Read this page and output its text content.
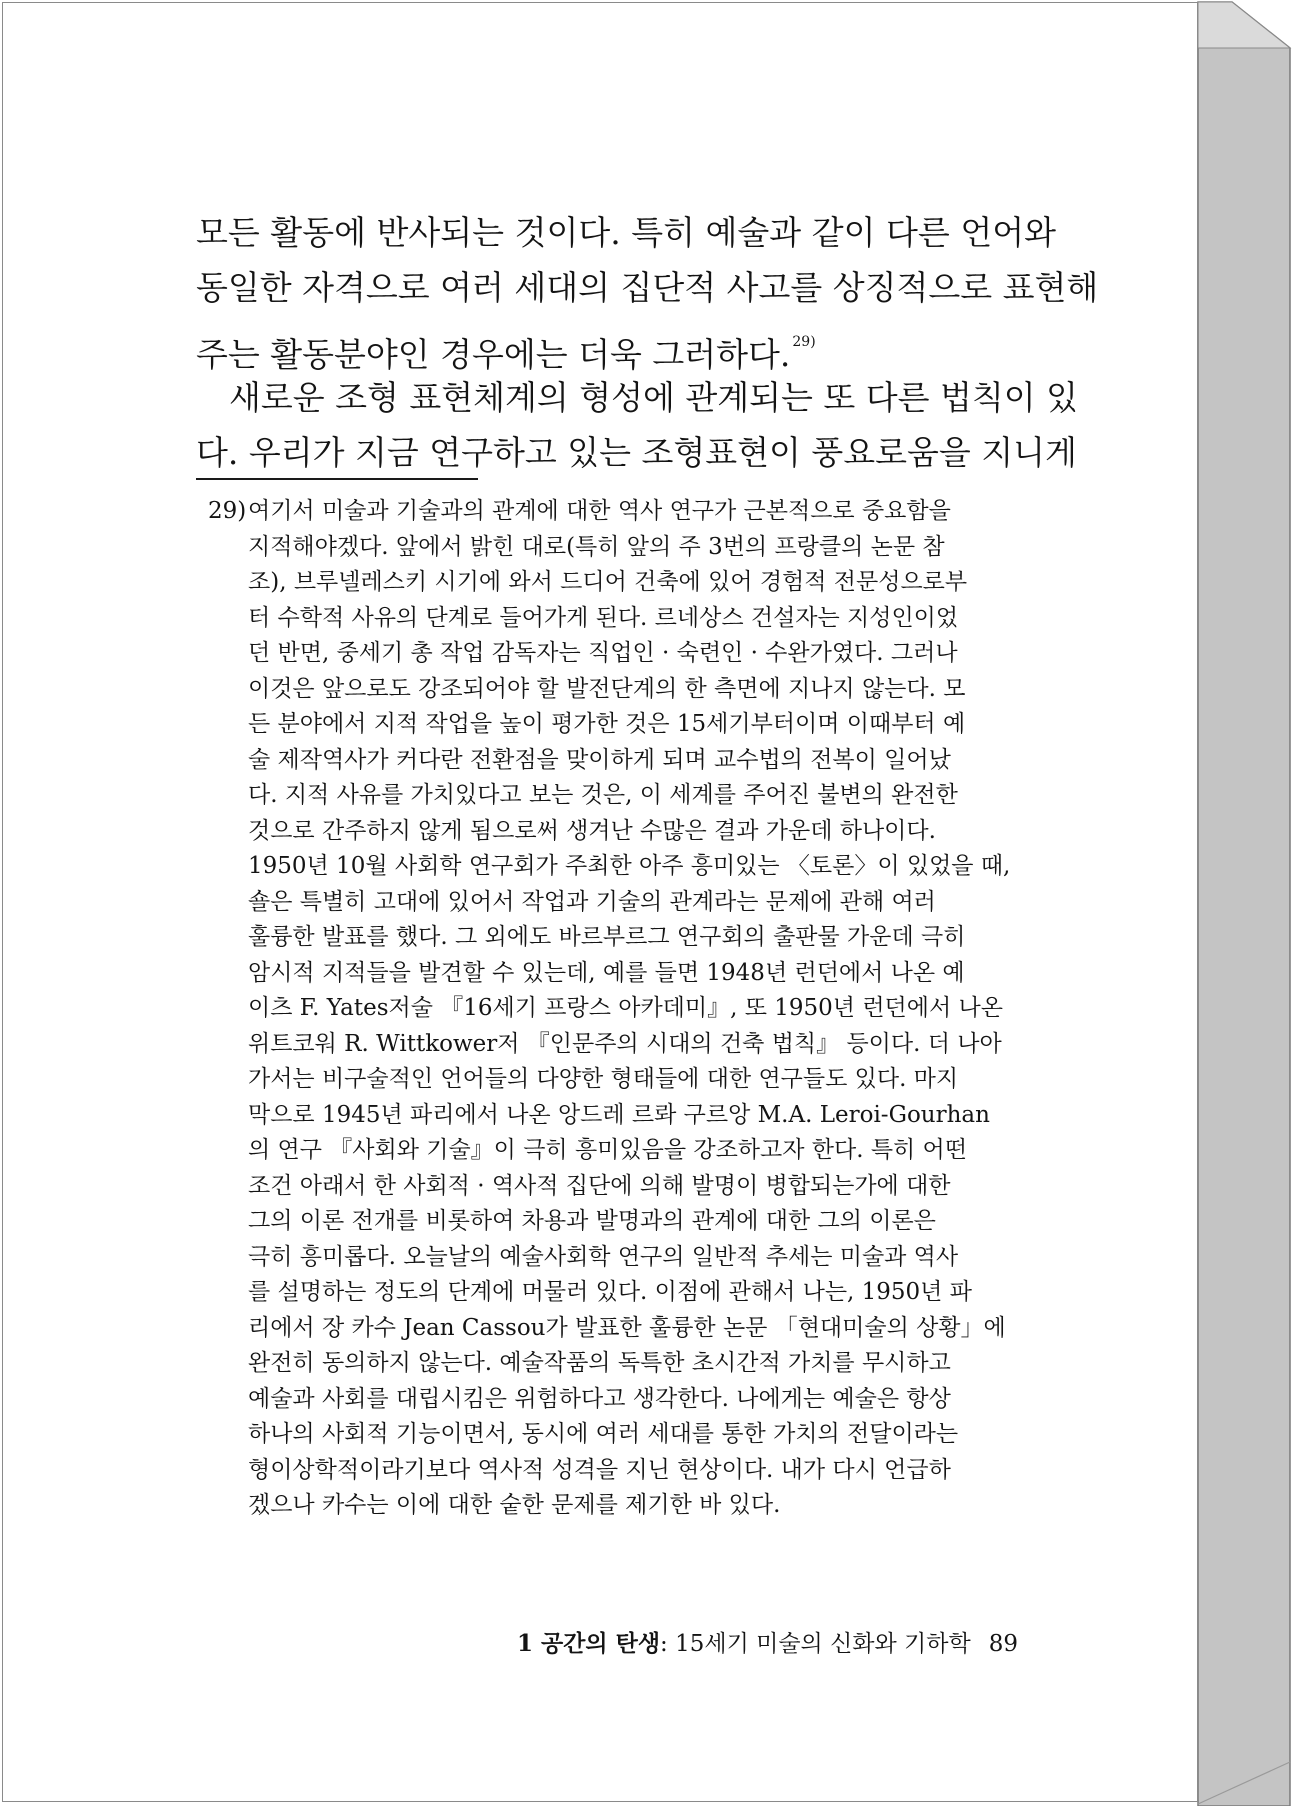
모든 활동에 반사되는 것이다. 특히 예술과 같이 다른 언어와
동일한 자격으로 여러 세대의 집단적 사고를 상징적으로 표현해
주는 활동분야인 경우에는 더욱 그러하다. $^{29)}$
새로운 조형 표현체계의 형성에 관계되는 또 다른 법칙이 있
다. 우리가 지금 연구하고 있는 조형표현이 풍요로움을 지니게
29)여기서 미술과 기술과의 관계에 대한 역사 연구가 근본적으로 중요함을
지적해야겠다. 앞에서 밝힌 대로(특히 앞의 주 3번의 프랑클의 논문 참
조), 브루넬레스키 시기에 와서 드디어 건축에 있어 경험적 전문성으로부
터 수학적 사유의 단계로 들어가게 된다. 르네상스 건설자는 지성인이었
던 반면, 중세기 총 작업 감독자는 직업인 · 숙련인 · 수완가였다. 그러나
이것은 앞으로도 강조되어야 할 발전단계의 한 측면에 지나지 않는다. 모
든 분야에서 지적 작업을 높이 평가한 것은 15세기부터이며 이때부터 예
술 제작역사가 커다란 전환점을 맞이하게 되며 교수법의 전복이 일어났
다. 지적 사유를 가치있다고 보는 것은, 이 세계를 주어진 불변의 완전한
것으로 간주하지 않게 됨으로써 생겨난 수많은 결과 가운데 하나이다.
1950년 10월 사회학 연구회가 주최한 아주 흥미있는 〈토론〉이 있었을 때,
숄은 특별히 고대에 있어서 작업과 기술의 관계라는 문제에 관해 여러
훌륭한 발표를 했다. 그 외에도 바르부르그 연구회의 출판물 가운데 극히
암시적 지적들을 발견할 수 있는데, 예를 들면 1948년 런던에서 나온 예
이츠 F. Yates저술 『16세기 프랑스 아카데미』, 또 1950년 런던에서 나온
위트코워 R. Wittkower저 『인문주의 시대의 건축 법칙』 등이다. 더 나아
가서는 비구술적인 언어들의 다양한 형태들에 대한 연구들도 있다. 마지
막으로 1945년 파리에서 나온 앙드레 르롸 구르앙 M.A. Leroi-Gourhan
의 연구 『사회와 기술』이 극히 흥미있음을 강조하고자 한다. 특히 어떤
조건 아래서 한 사회적 · 역사적 집단에 의해 발명이 병합되는가에 대한
그의 이론 전개를 비롯하여 차용과 발명과의 관계에 대한 그의 이론은
극히 흥미롭다. 오늘날의 예술사회학 연구의 일반적 추세는 미술과 역사
를 설명하는 정도의 단계에 머물러 있다. 이점에 관해서 나는, 1950년 파
리에서 장 카수 Jean Cassou가 발표한 훌륭한 논문 「현대미술의 상황」에
완전히 동의하지 않는다. 예술작품의 독특한 초시간적 가치를 무시하고
예술과 사회를 대립시킴은 위험하다고 생각한다. 나에게는 예술은 항상
하나의 사회적 기능이면서, 동시에 여러 세대를 통한 가치의 전달이라는
형이상학적이라기보다 역사적 성격을 지닌 현상이다. 내가 다시 언급하
겠으나 카수는 이에 대한 숱한 문제를 제기한 바 있다.
1 공간의 탄생: 15세기 미술의 신화와 기하학 89
